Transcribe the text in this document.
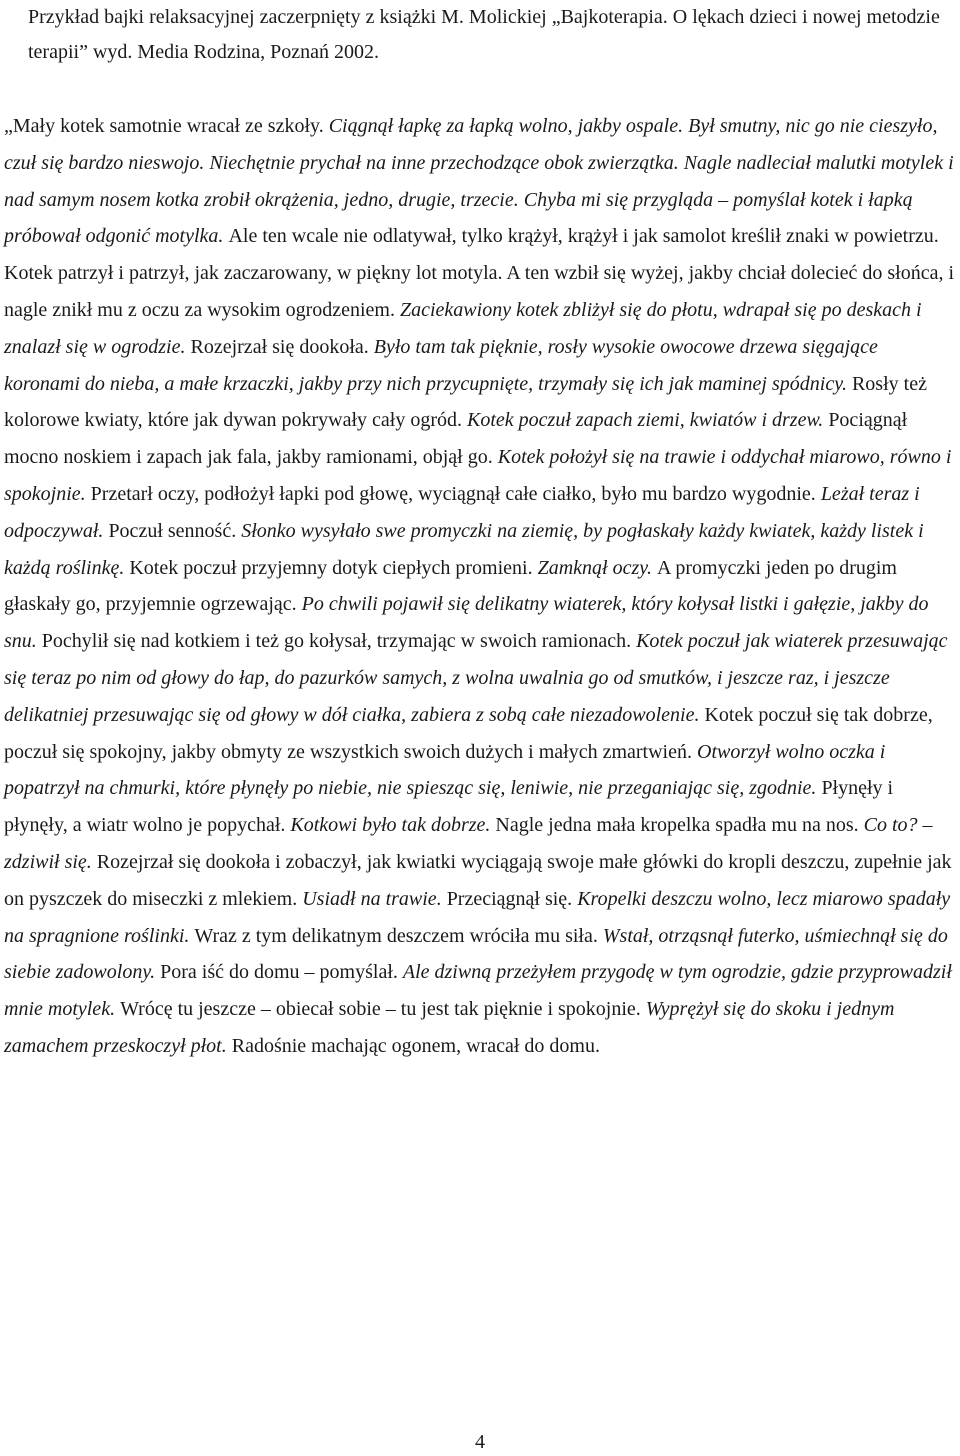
Przykład bajki relaksacyjnej zaczerpnięty z książki M. Molickiej „Bajkoterapia. O lękach dzieci i nowej metodzie terapii” wyd. Media Rodzina, Poznań 2002.

„Mały kotek samotnie wracał ze szkoły. Ciągnął łapkę za łapką wolno, jakby ospale. Był smutny, nic go nie cieszyło, czuł się bardzo nieswojo. Niechętnie prychał na inne przechodzące obok zwierzątka. Nagle nadleciał malutki motylek i nad samym nosem kotka zrobił okrążenia, jedno, drugie, trzecie. Chyba mi się przygląda – pomyślał kotek i łapką próbował odgonić motylka. Ale ten wcale nie odlatywał, tylko krążył, krążył i jak samolot kreślił znaki w powietrzu. Kotek patrzył i patrzył, jak zaczarowany, w piękny lot motyla. A ten wzbił się wyżej, jakby chciał dolecieć do słońca, i nagle znikł mu z oczu za wysokim ogrodzeniem. Zaciekawiony kotek zbliżył się do płotu, wdrapał się po deskach i znalazł się w ogrodzie. Rozejrzał się dookoła. Było tam tak pięknie, rosły wysokie owocowe drzewa sięgające koronami do nieba, a małe krzaczki, jakby przy nich przycupnięte, trzymały się ich jak maminej spódnicy. Rosły też kolorowe kwiaty, które jak dywan pokrywały cały ogród. Kotek poczuł zapach ziemi, kwiatów i drzew. Pociągnął mocno noskiem i zapach jak fala, jakby ramionami, objął go. Kotek położył się na trawie i oddychał miarowo, równo i spokojnie. Przetarł oczy, podłożył łapki pod głowę, wyciągnął całe ciałko, było mu bardzo wygodnie. Leżał teraz i odpoczywał. Poczuł senność. Słonko wysyłało swe promyczki na ziemię, by pogłaskały każdy kwiatek, każdy listek i każdą roślinkę. Kotek poczuł przyjemny dotyk ciepłych promieni. Zamknął oczy. A promyczki jeden po drugim głaskały go, przyjemnie ogrzewając. Po chwili pojawił się delikatny wiaterek, który kołysał listki i gałęzie, jakby do snu. Pochylił się nad kotkiem i też go kołysał, trzymając w swoich ramionach. Kotek poczuł jak wiaterek przesuwając się teraz po nim od głowy do łap, do pazurków samych, z wolna uwalnia go od smutków, i jeszcze raz, i jeszcze delikatniej przesuwając się od głowy w dół ciałka, zabiera z sobą całe niezadowolenie. Kotek poczuł się tak dobrze, poczuł się spokojny, jakby obmyty ze wszystkich swoich dużych i małych zmartwień. Otworzył wolno oczka i popatrzył na chmurki, które płynęły po niebie, nie spiesząc się, leniwie, nie przeganiając się, zgodnie. Płynęły i płynęły, a wiatr wolno je popychał. Kotkowi było tak dobrze. Nagle jedna mała kropelka spadła mu na nos. Co to? – zdziwił się. Rozejrzał się dookoła i zobaczył, jak kwiatki wyciągają swoje małe główki do kropli deszczu, zupełnie jak on pyszczek do miseczki z mlekiem. Usiadł na trawie. Przeciągnął się. Kropelki deszczu wolno, lecz miarowo spadały na spragnione roślinki. Wraz z tym delikatnym deszczem wróciła mu siła. Wstał, otrząsnął futerko, uśmiechnął się do siebie zadowolony. Pora iść do domu – pomyślał. Ale dziwną przeżyłem przygodę w tym ogrodzie, gdzie przyprowadził mnie motylek. Wrócę tu jeszcze – obiecał sobie – tu jest tak pięknie i spokojnie. Wyprężył się do skoku i jednym zamachem przeskoczył płot. Radośnie machając ogonem, wracał do domu.

4
